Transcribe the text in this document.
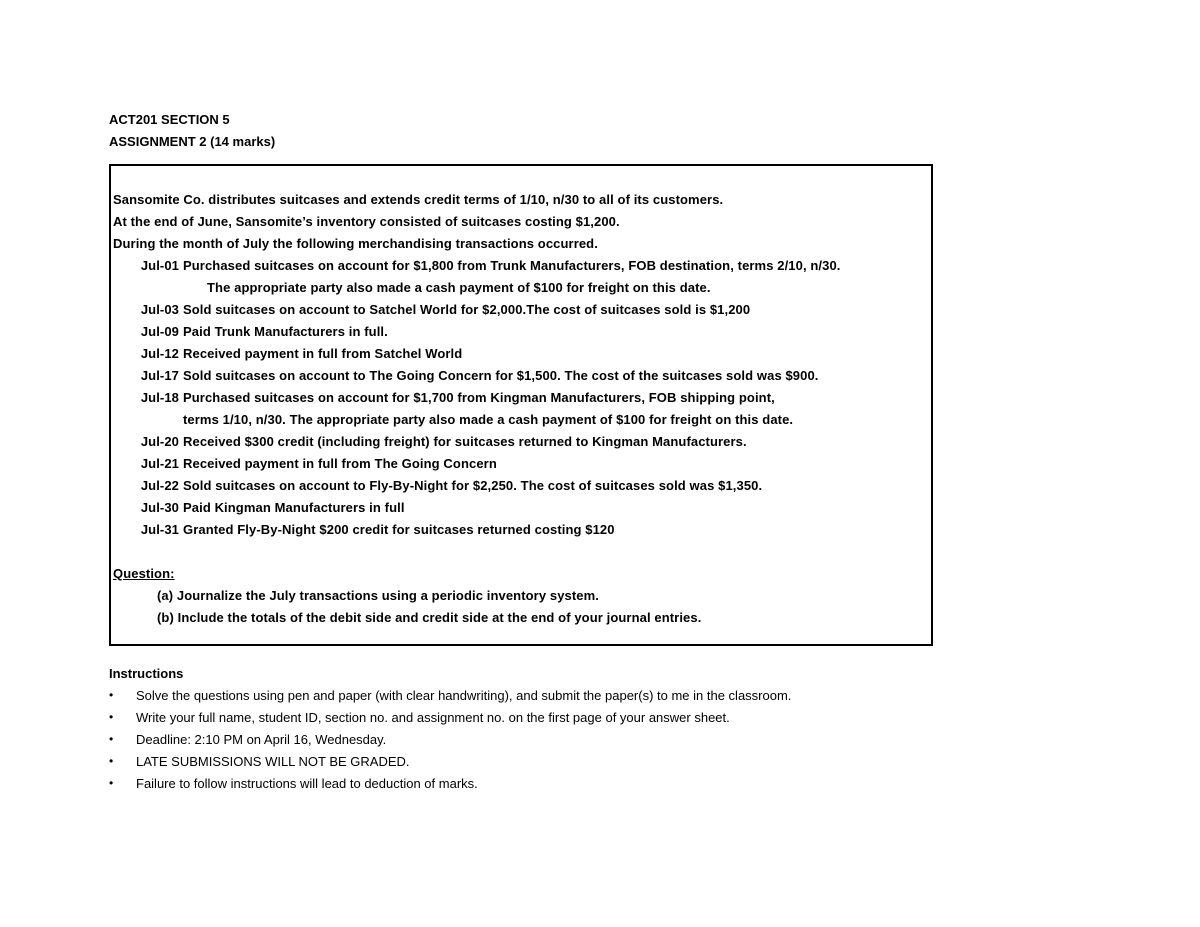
ACT201 SECTION 5
ASSIGNMENT 2 (14 marks)
Sansomite Co. distributes suitcases and extends credit terms of 1/10, n/30 to all of its customers.
At the end of June, Sansomite’s inventory consisted of suitcases costing $1,200.
During the month of July the following merchandising transactions occurred.
Jul-01 Purchased suitcases on account for $1,800 from Trunk Manufacturers, FOB destination, terms 2/10, n/30.
The appropriate party also made a cash payment of $100 for freight on this date.
Jul-03 Sold suitcases on account to Satchel World for $2,000.The cost of suitcases sold is $1,200
Jul-09 Paid Trunk Manufacturers in full.
Jul-12 Received payment in full from Satchel World
Jul-17 Sold suitcases on account to The Going Concern for $1,500. The cost of the suitcases sold was $900.
Jul-18 Purchased suitcases on account for $1,700 from Kingman Manufacturers, FOB shipping point,
terms 1/10, n/30. The appropriate party also made a cash payment of $100 for freight on this date.
Jul-20 Received $300 credit (including freight) for suitcases returned to Kingman Manufacturers.
Jul-21 Received payment in full from The Going Concern
Jul-22 Sold suitcases on account to Fly-By-Night for $2,250. The cost of suitcases sold was $1,350.
Jul-30 Paid Kingman Manufacturers in full
Jul-31 Granted Fly-By-Night $200 credit for suitcases returned costing $120
Question:
(a) Journalize the July transactions using a periodic inventory system.
(b) Include the totals of the debit side and credit side at the end of your journal entries.
Instructions
• Solve the questions using pen and paper (with clear handwriting), and submit the paper(s) to me in the classroom.
• Write your full name, student ID, section no. and assignment no. on the first page of your answer sheet.
• Deadline: 2:10 PM on April 16, Wednesday.
• LATE SUBMISSIONS WILL NOT BE GRADED.
• Failure to follow instructions will lead to deduction of marks.
